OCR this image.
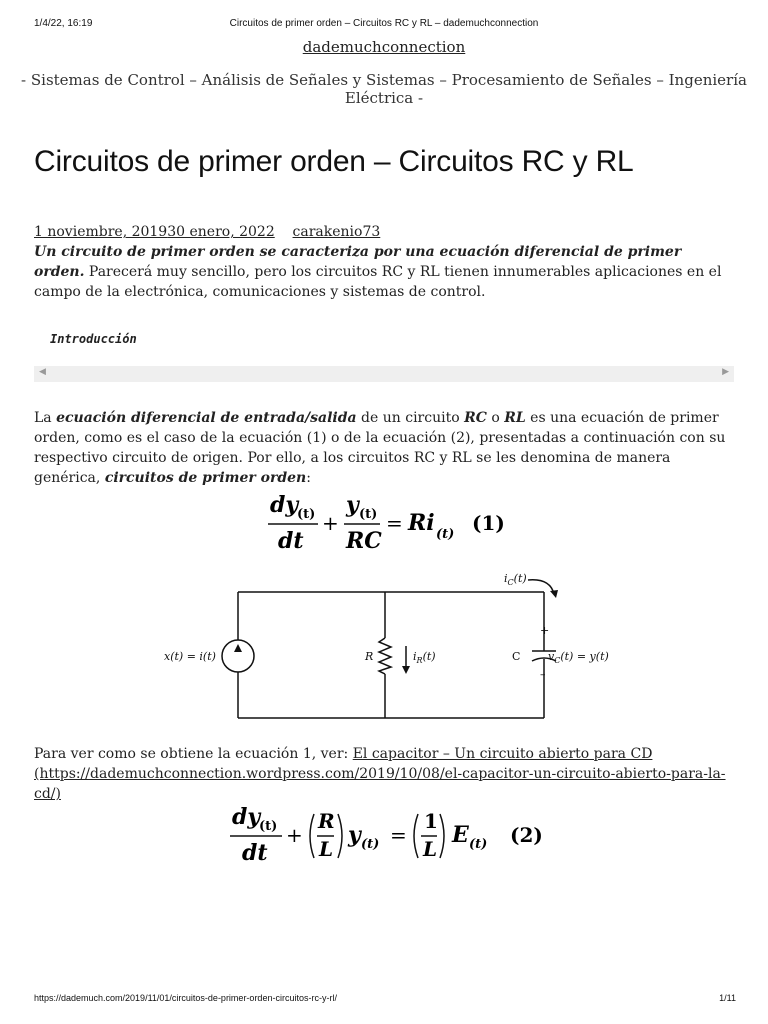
1/4/22, 16:19	Circuitos de primer orden – Circuitos RC y RL – dademuchconnection
dademuchconnection
- Sistemas de Control – Análisis de Señales y Sistemas – Procesamiento de Señales – Ingeniería Eléctrica -
Circuitos de primer orden – Circuitos RC y RL
1 noviembre, 201930 enero, 2022 carakenio73

Un circuito de primer orden se caracteriza por una ecuación diferencial de primer orden. Parecerá muy sencillo, pero los circuitos RC y RL tienen innumerables aplicaciones en el campo de la electrónica, comunicaciones y sistemas de control.

Introducción
◀	▶

La ecuación diferencial de entrada/salida de un circuito RC o RL es una ecuación de primer orden, como es el caso de la ecuación (1) o de la ecuación (2), presentadas a continuación con su respectivo circuito de origen. Por ello, a los circuitos RC y RL se les denomina de manera genérica, circuitos de primer orden:

dy
(t)
dt
+
y (t)
RC
= Ri (t) (1)
x(t) = i(t)	R	$i_R(t)$
$i_C(t)$
C	$v_C(t) = y(t)$
+
–

Para ver como se obtiene la ecuación 1, ver: El capacitor – Un circuito abierto para CD
(https://dademuchconnection.wordpress.com/2019/10/08/el-capacitor-un-circuito-abierto-para-la-cd/)

dy
(t)
dt
+
R
L
y (t) =
1
L
E (t) (2)
https://dademuch.com/2019/11/01/circuitos-de-primer-orden-circuitos-rc-y-rl/	1/11
